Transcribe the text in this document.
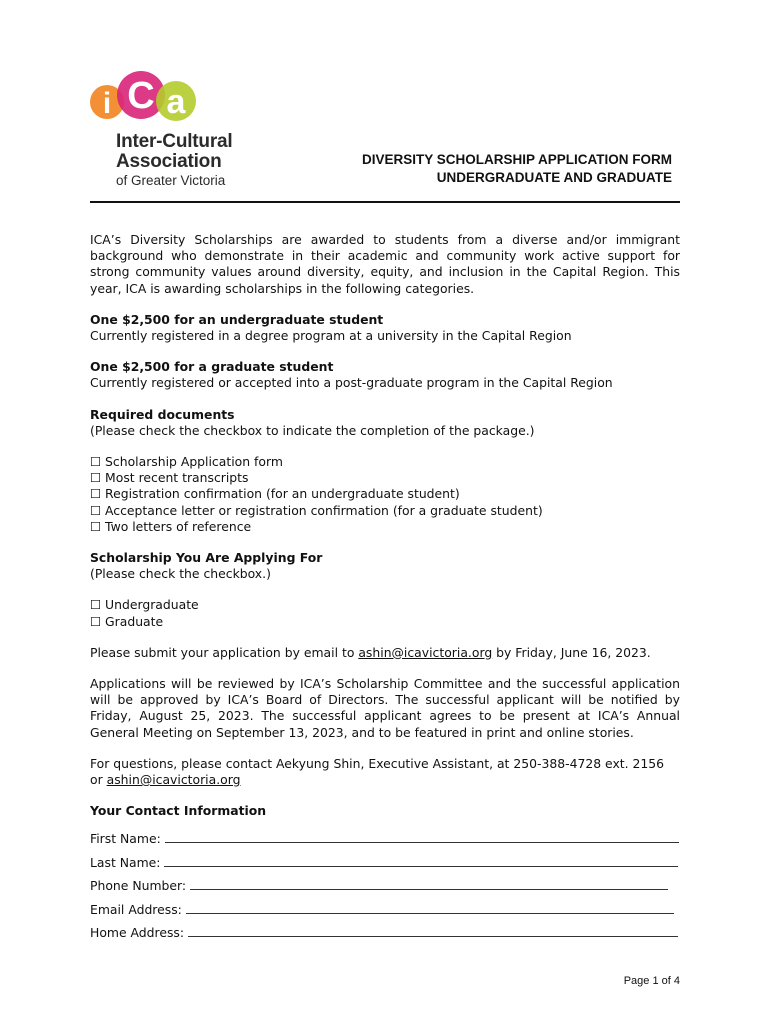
i C a
Inter-Cultural
Association
of Greater Victoria
DIVERSITY SCHOLARSHIP APPLICATION FORM
UNDERGRADUATE AND GRADUATE

ICA’s Diversity Scholarships are awarded to students from a diverse and/or immigrant background who demonstrate in their academic and community work active support for strong community values around diversity, equity, and inclusion in the Capital Region. This year, ICA is awarding scholarships in the following categories.

One $2,500 for an undergraduate student

Currently registered in a degree program at a university in the Capital Region

One $2,500 for a graduate student

Currently registered or accepted into a post-graduate program in the Capital Region

Required documents

(Please check the checkbox to indicate the completion of the package.)

☐ Scholarship Application form
☐ Most recent transcripts
☐ Registration confirmation (for an undergraduate student)
☐ Acceptance letter or registration confirmation (for a graduate student)
☐ Two letters of reference

Scholarship You Are Applying For

(Please check the checkbox.)

☐ Undergraduate
☐ Graduate

Please submit your application by email to ashin@icavictoria.org by Friday, June 16, 2023.

Applications will be reviewed by ICA’s Scholarship Committee and the successful application will be approved by ICA’s Board of Directors. The successful applicant will be notified by Friday, August 25, 2023. The successful applicant agrees to be present at ICA’s Annual General Meeting on September 13, 2023, and to be featured in print and online stories.

For questions, please contact Aekyung Shin, Executive Assistant, at 250-388-4728 ext. 2156 or ashin@icavictoria.org

Your Contact Information

First Name:
Last Name:
Phone Number:
Email Address:
Home Address:
Page 1 of 4
